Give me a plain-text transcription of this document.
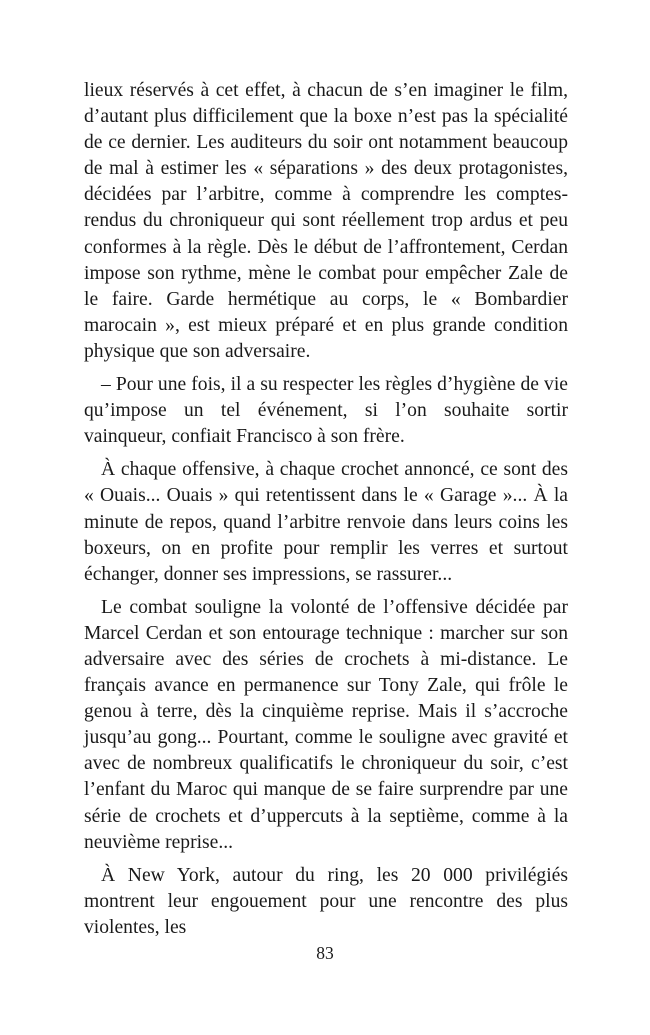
lieux réservés à cet effet, à chacun de s’en imaginer le film, d’autant plus difficilement que la boxe n’est pas la spécialité de ce dernier. Les auditeurs du soir ont notamment beaucoup de mal à estimer les « séparations » des deux protagonistes, décidées par l’arbitre, comme à comprendre les comptes-rendus du chroniqueur qui sont réellement trop ardus et peu conformes à la règle. Dès le début de l’affrontement, Cerdan impose son rythme, mène le combat pour empêcher Zale de le faire. Garde hermétique au corps, le « Bombardier marocain », est mieux préparé et en plus grande condition physique que son adversaire.

– Pour une fois, il a su respecter les règles d’hygiène de vie qu’impose un tel événement, si l’on souhaite sortir vainqueur, confiait Francisco à son frère.

À chaque offensive, à chaque crochet annoncé, ce sont des « Ouais... Ouais » qui retentissent dans le « Garage »... À la minute de repos, quand l’arbitre renvoie dans leurs coins les boxeurs, on en profite pour remplir les verres et surtout échanger, donner ses impressions, se rassurer...

Le combat souligne la volonté de l’offensive décidée par Marcel Cerdan et son entourage technique : marcher sur son adversaire avec des séries de crochets à mi-distance. Le français avance en permanence sur Tony Zale, qui frôle le genou à terre, dès la cinquième reprise. Mais il s’accroche jusqu’au gong... Pourtant, comme le souligne avec gravité et avec de nombreux qualificatifs le chroniqueur du soir, c’est l’enfant du Maroc qui manque de se faire surprendre par une série de crochets et d’uppercuts à la septième, comme à la neuvième reprise...

À New York, autour du ring, les 20 000 privilégiés montrent leur engouement pour une rencontre des plus violentes, les

83
